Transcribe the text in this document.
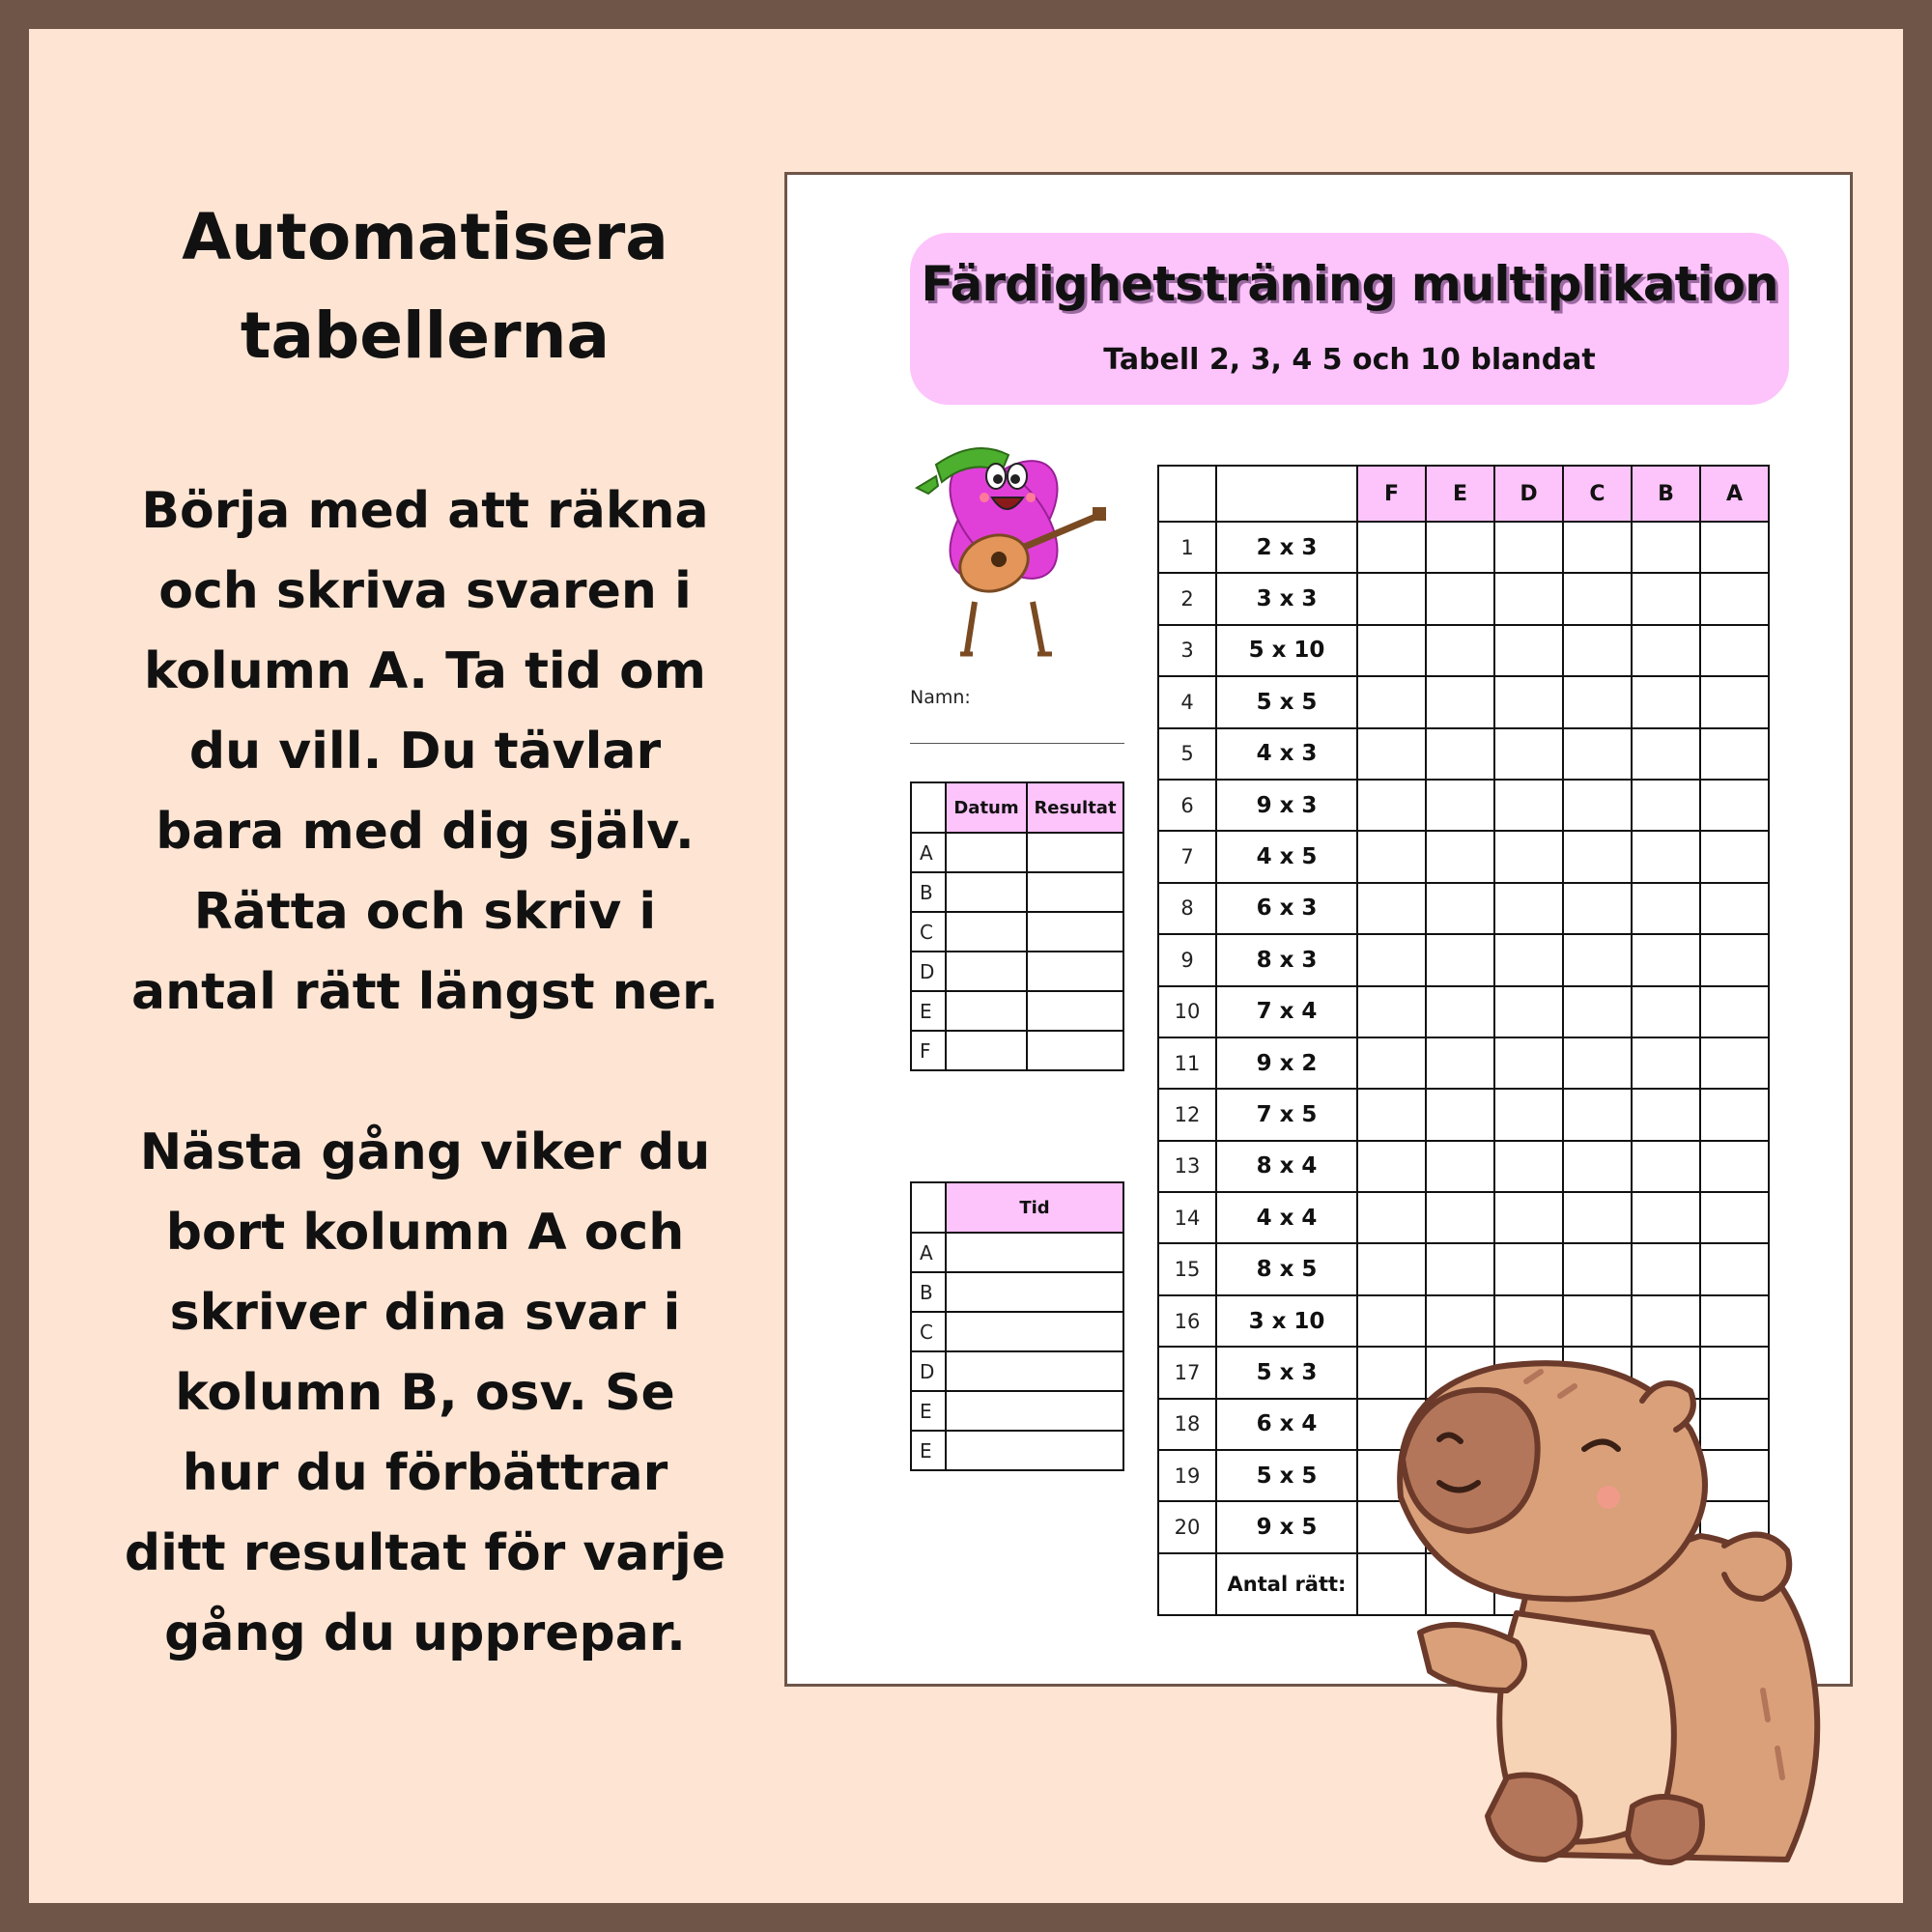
Automatisera
tabellerna
Börja med att räkna
och skriva svaren i
kolumn A. Ta tid om
du vill. Du tävlar
bara med dig själv.
Rätta och skriv i
antal rätt längst ner.
Nästa gång viker du
bort kolumn A och
skriver dina svar i
kolumn B, osv. Se
hur du förbättrar
ditt resultat för varje
gång du upprepar.
Färdighetsträning multiplikation
Tabell 2, 3, 4 5 och 10 blandat
Namn:
	Datum	Resultat
A		
B		
C		
D		
E		
F		
	Tid
A	
B	
C	
D	
E	
E	
		F	E	D	C	B	A
1	2 x 3						
2	3 x 3						
3	5 x 10						
4	5 x 5						
5	4 x 3						
6	9 x 3						
7	4 x 5						
8	6 x 3						
9	8 x 3						
10	7 x 4						
11	9 x 2						
12	7 x 5						
13	8 x 4						
14	4 x 4						
15	8 x 5						
16	3 x 10						
17	5 x 3						
18	6 x 4						
19	5 x 5						
20	9 x 5						
	Antal rätt:						
